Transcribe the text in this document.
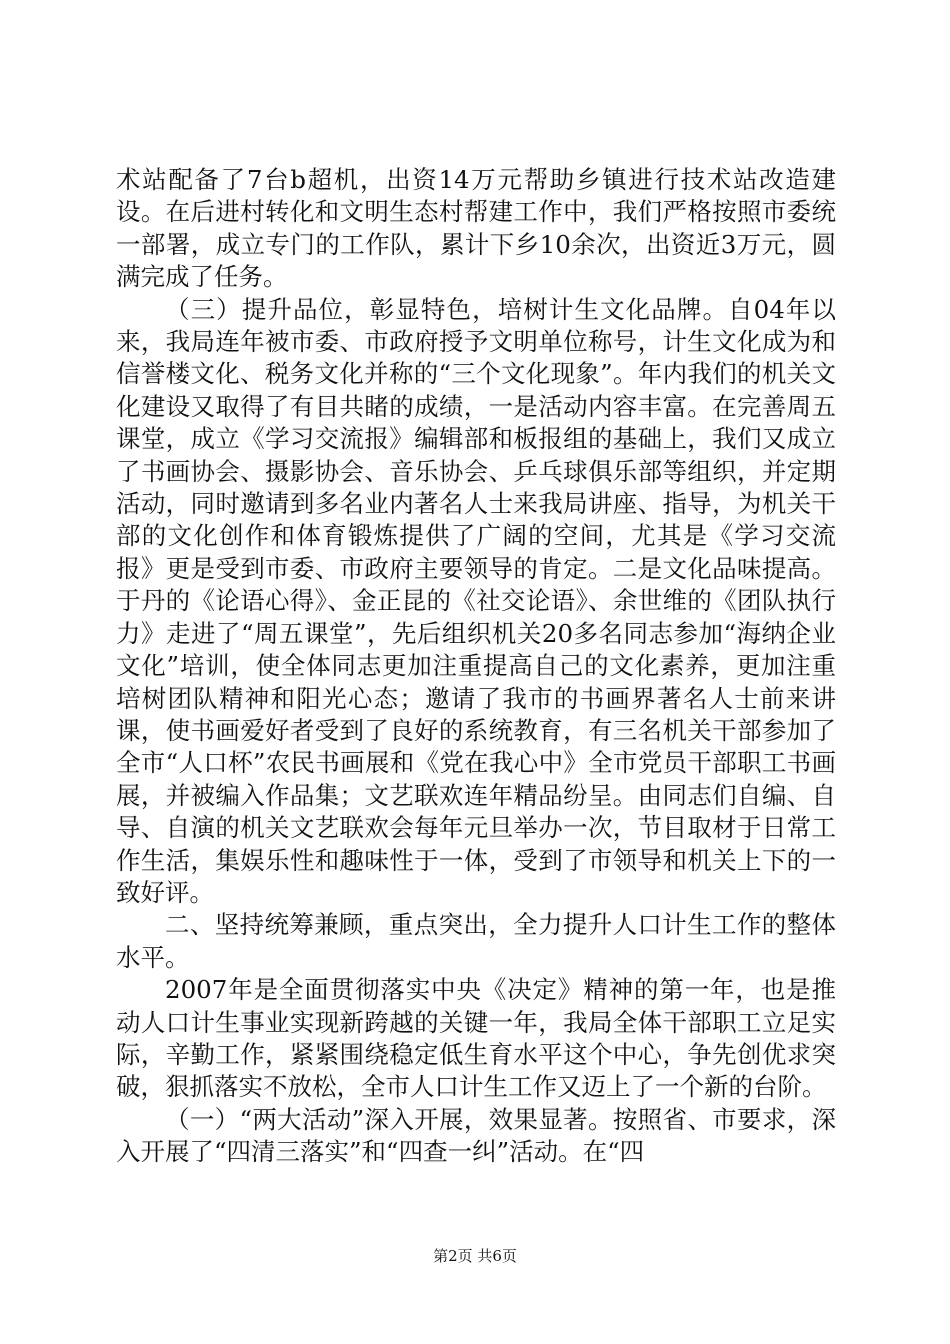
术站配备了7台b超机，出资14万元帮助乡镇进行技术站改造建设。在后进村转化和文明生态村帮建工作中，我们严格按照市委统一部署，成立专门的工作队，累计下乡10余次，出资近3万元，圆满完成了任务。

（三）提升品位，彰显特色，培树计生文化品牌。自04年以来，我局连年被市委、市政府授予文明单位称号，计生文化成为和信誉楼文化、税务文化并称的“三个文化现象”。年内我们的机关文化建设又取得了有目共睹的成绩，一是活动内容丰富。在完善周五课堂，成立《学习交流报》编辑部和板报组的基础上，我们又成立了书画协会、摄影协会、音乐协会、乒乓球俱乐部等组织，并定期活动，同时邀请到多名业内著名人士来我局讲座、指导，为机关干部的文化创作和体育锻炼提供了广阔的空间，尤其是《学习交流报》更是受到市委、市政府主要领导的肯定。二是文化品味提高。于丹的《论语心得》、金正昆的《社交论语》、余世维的《团队执行力》走进了“周五课堂”，先后组织机关20多名同志参加“海纳企业文化”培训，使全体同志更加注重提高自己的文化素养，更加注重培树团队精神和阳光心态；邀请了我市的书画界著名人士前来讲课，使书画爱好者受到了良好的系统教育，有三名机关干部参加了全市“人口杯”农民书画展和《党在我心中》全市党员干部职工书画展，并被编入作品集；文艺联欢连年精品纷呈。由同志们自编、自导、自演的机关文艺联欢会每年元旦举办一次，节目取材于日常工作生活，集娱乐性和趣味性于一体，受到了市领导和机关上下的一致好评。

二、坚持统筹兼顾，重点突出，全力提升人口计生工作的整体水平。

2007年是全面贯彻落实中央《决定》精神的第一年，也是推动人口计生事业实现新跨越的关键一年，我局全体干部职工立足实际，辛勤工作，紧紧围绕稳定低生育水平这个中心，争先创优求突破，狠抓落实不放松，全市人口计生工作又迈上了一个新的台阶。

（一）“两大活动”深入开展，效果显著。按照省、市要求，深入开展了“四清三落实”和“四查一纠”活动。在“四

第2页 共6页
